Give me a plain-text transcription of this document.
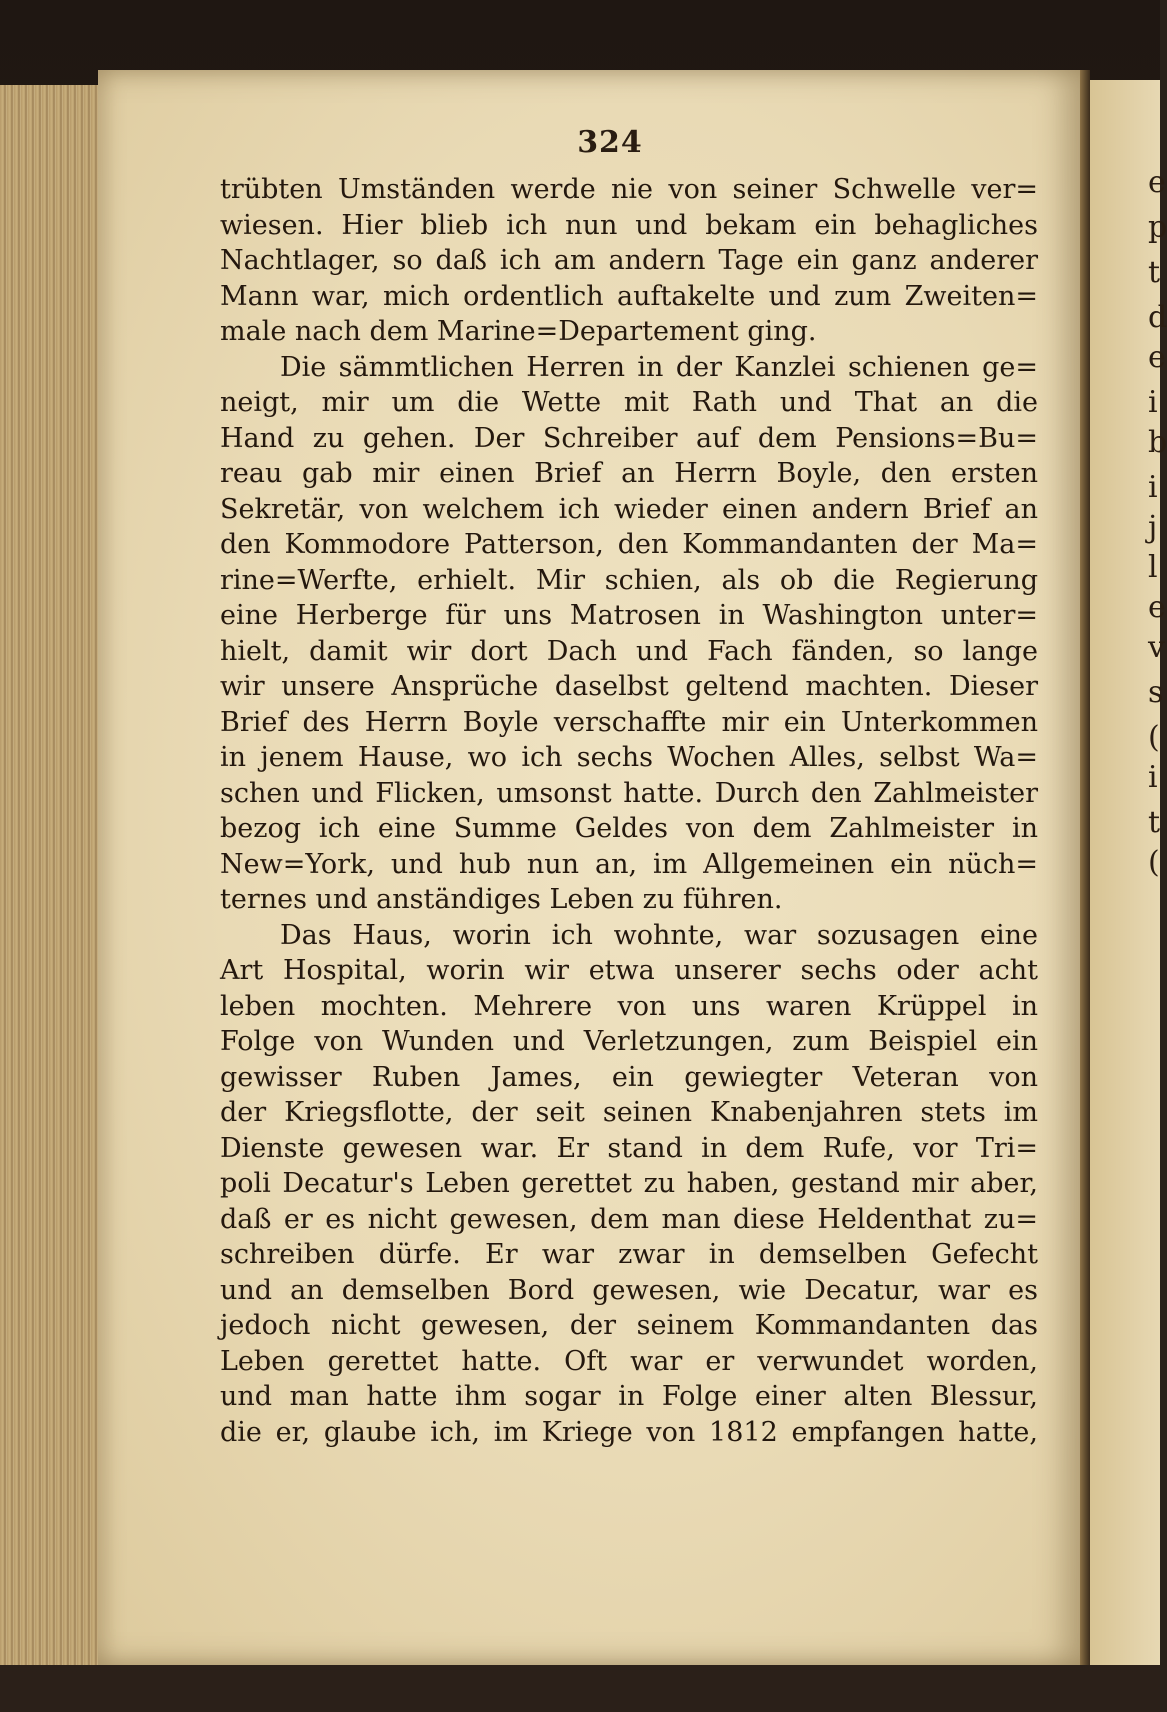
e
p
t
d
e
i
b
i
j
l
e
v
s
(
i
t
(
324
trübten Umständen werde nie von seiner Schwelle ver=
wiesen. Hier blieb ich nun und bekam ein behagliches
Nachtlager, so daß ich am andern Tage ein ganz anderer
Mann war, mich ordentlich auftakelte und zum Zweiten=
male nach dem Marine=Departement ging.
Die sämmtlichen Herren in der Kanzlei schienen ge=
neigt, mir um die Wette mit Rath und That an die
Hand zu gehen. Der Schreiber auf dem Pensions=Bu=
reau gab mir einen Brief an Herrn Boyle, den ersten
Sekretär, von welchem ich wieder einen andern Brief an
den Kommodore Patterson, den Kommandanten der Ma=
rine=Werfte, erhielt. Mir schien, als ob die Regierung
eine Herberge für uns Matrosen in Washington unter=
hielt, damit wir dort Dach und Fach fänden, so lange
wir unsere Ansprüche daselbst geltend machten. Dieser
Brief des Herrn Boyle verschaffte mir ein Unterkommen
in jenem Hause, wo ich sechs Wochen Alles, selbst Wa=
schen und Flicken, umsonst hatte. Durch den Zahlmeister
bezog ich eine Summe Geldes von dem Zahlmeister in
New=York, und hub nun an, im Allgemeinen ein nüch=
ternes und anständiges Leben zu führen.
Das Haus, worin ich wohnte, war sozusagen eine
Art Hospital, worin wir etwa unserer sechs oder acht
leben mochten. Mehrere von uns waren Krüppel in
Folge von Wunden und Verletzungen, zum Beispiel ein
gewisser Ruben James, ein gewiegter Veteran von
der Kriegsflotte, der seit seinen Knabenjahren stets im
Dienste gewesen war. Er stand in dem Rufe, vor Tri=
poli Decatur's Leben gerettet zu haben, gestand mir aber,
daß er es nicht gewesen, dem man diese Heldenthat zu=
schreiben dürfe. Er war zwar in demselben Gefecht
und an demselben Bord gewesen, wie Decatur, war es
jedoch nicht gewesen, der seinem Kommandanten das
Leben gerettet hatte. Oft war er verwundet worden,
und man hatte ihm sogar in Folge einer alten Blessur,
die er, glaube ich, im Kriege von 1812 empfangen hatte,
